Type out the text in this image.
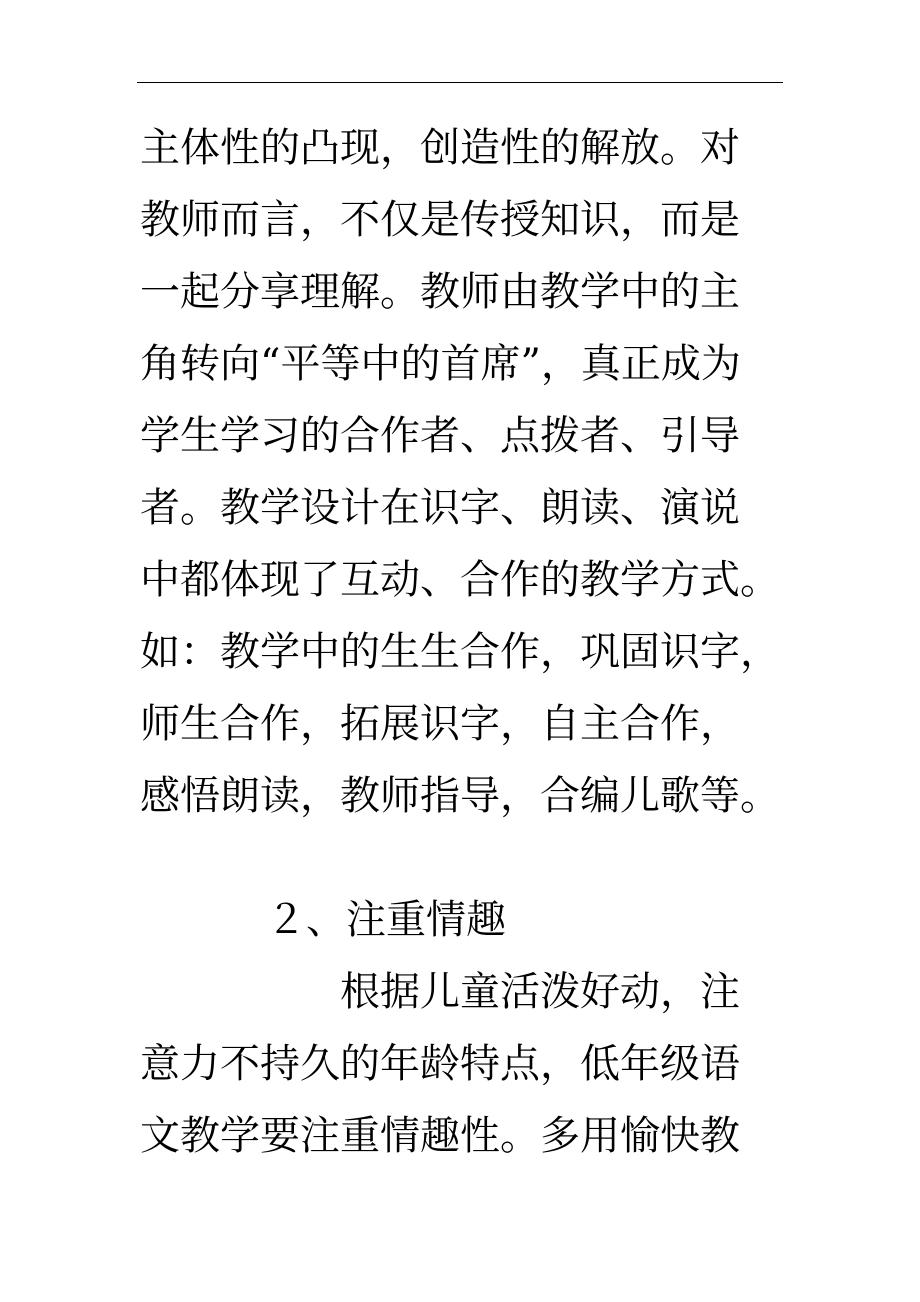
主体性的凸现，创造性的解放。对
教师而言，不仅是传授知识，而是
一起分享理解。教师由教学中的主
角转向“平等中的首席”，真正成为
学生学习的合作者、点拨者、引导
者。教学设计在识字、朗读、演说
中都体现了互动、合作的教学方式。
如：教学中的生生合作，巩固识字，
师生合作，拓展识字，自主合作，
感悟朗读，教师指导，合编儿歌等。
２、注重情趣
根据儿童活泼好动，注
意力不持久的年龄特点，低年级语
文教学要注重情趣性。多用愉快教
